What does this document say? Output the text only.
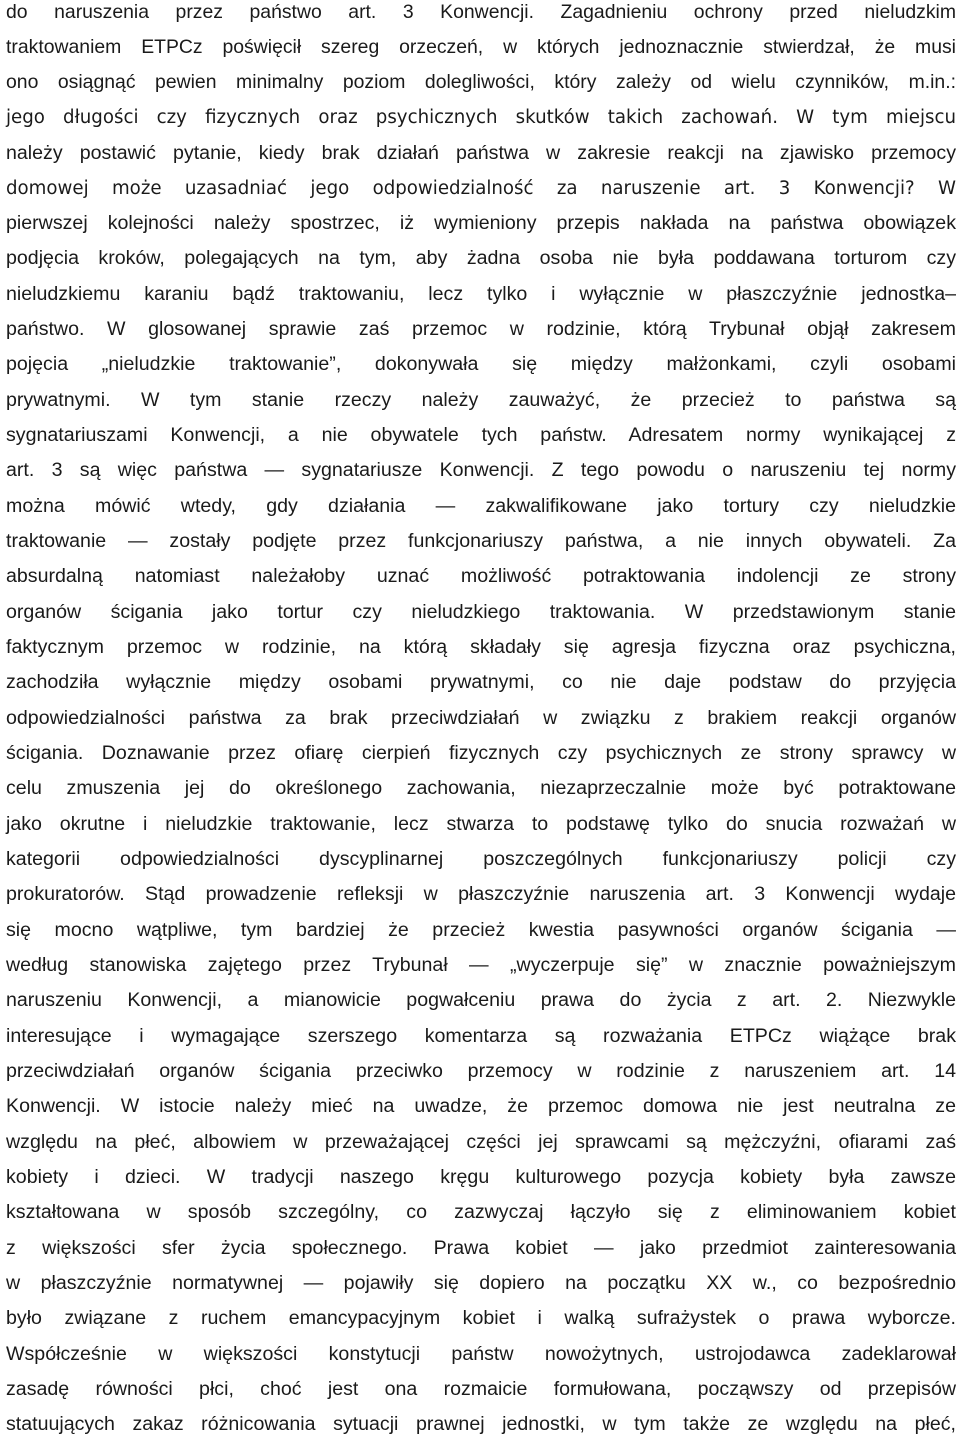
do naruszenia przez państwo art. 3 Konwencji. Zagadnieniu ochrony przed nieludzkim
traktowaniem ETPCz poświęcił szereg orzeczeń, w których jednoznacznie stwierdzał, że musi
ono osiągnąć pewien minimalny poziom dolegliwości, który zależy od wielu czynników, m.in.:
jego długości czy fizycznych oraz psychicznych skutków takich zachowań. W tym miejscu
należy postawić pytanie, kiedy brak działań państwa w zakresie reakcji na zjawisko przemocy
domowej może uzasadniać jego odpowiedzialność za naruszenie art. 3 Konwencji? W
pierwszej kolejności należy spostrzec, iż wymieniony przepis nakłada na państwa obowiązek
podjęcia kroków, polegających na tym, aby żadna osoba nie była poddawana torturom czy
nieludzkiemu karaniu bądź traktowaniu, lecz tylko i wyłącznie w płaszczyźnie jednostka–
państwo. W glosowanej sprawie zaś przemoc w rodzinie, którą Trybunał objął zakresem
pojęcia „nieludzkie traktowanie”, dokonywała się między małżonkami, czyli osobami
prywatnymi. W tym stanie rzeczy należy zauważyć, że przecież to państwa są
sygnatariuszami Konwencji, a nie obywatele tych państw. Adresatem normy wynikającej z
art. 3 są więc państwa — sygnatariusze Konwencji. Z tego powodu o naruszeniu tej normy
można mówić wtedy, gdy działania — zakwalifikowane jako tortury czy nieludzkie
traktowanie — zostały podjęte przez funkcjonariuszy państwa, a nie innych obywateli. Za
absurdalną natomiast należałoby uznać możliwość potraktowania indolencji ze strony
organów ścigania jako tortur czy nieludzkiego traktowania. W przedstawionym stanie
faktycznym przemoc w rodzinie, na którą składały się agresja fizyczna oraz psychiczna,
zachodziła wyłącznie między osobami prywatnymi, co nie daje podstaw do przyjęcia
odpowiedzialności państwa za brak przeciwdziałań w związku z brakiem reakcji organów
ścigania. Doznawanie przez ofiarę cierpień fizycznych czy psychicznych ze strony sprawcy w
celu zmuszenia jej do określonego zachowania, niezaprzeczalnie może być potraktowane
jako okrutne i nieludzkie traktowanie, lecz stwarza to podstawę tylko do snucia rozważań w
kategorii odpowiedzialności dyscyplinarnej poszczególnych funkcjonariuszy policji czy
prokuratorów. Stąd prowadzenie refleksji w płaszczyźnie naruszenia art. 3 Konwencji wydaje
się mocno wątpliwe, tym bardziej że przecież kwestia pasywności organów ścigania —
według stanowiska zajętego przez Trybunał — „wyczerpuje się” w znacznie poważniejszym
naruszeniu Konwencji, a mianowicie pogwałceniu prawa do życia z art. 2. Niezwykle
interesujące i wymagające szerszego komentarza są rozważania ETPCz wiążące brak
przeciwdziałań organów ścigania przeciwko przemocy w rodzinie z naruszeniem art. 14
Konwencji. W istocie należy mieć na uwadze, że przemoc domowa nie jest neutralna ze
względu na płeć, albowiem w przeważającej części jej sprawcami są mężczyźni, ofiarami zaś
kobiety i dzieci. W tradycji naszego kręgu kulturowego pozycja kobiety była zawsze
kształtowana w sposób szczególny, co zazwyczaj łączyło się z eliminowaniem kobiet
z większości sfer życia społecznego. Prawa kobiet — jako przedmiot zainteresowania
w płaszczyźnie normatywnej — pojawiły się dopiero na początku XX w., co bezpośrednio
było związane z ruchem emancypacyjnym kobiet i walką sufrażystek o prawa wyborcze.
Współcześnie w większości konstytucji państw nowożytnych, ustrojodawca zadeklarował
zasadę równości płci, choć jest ona rozmaicie formułowana, począwszy od przepisów
statuujących zakaz różnicowania sytuacji prawnej jednostki, w tym także ze względu na płeć,
